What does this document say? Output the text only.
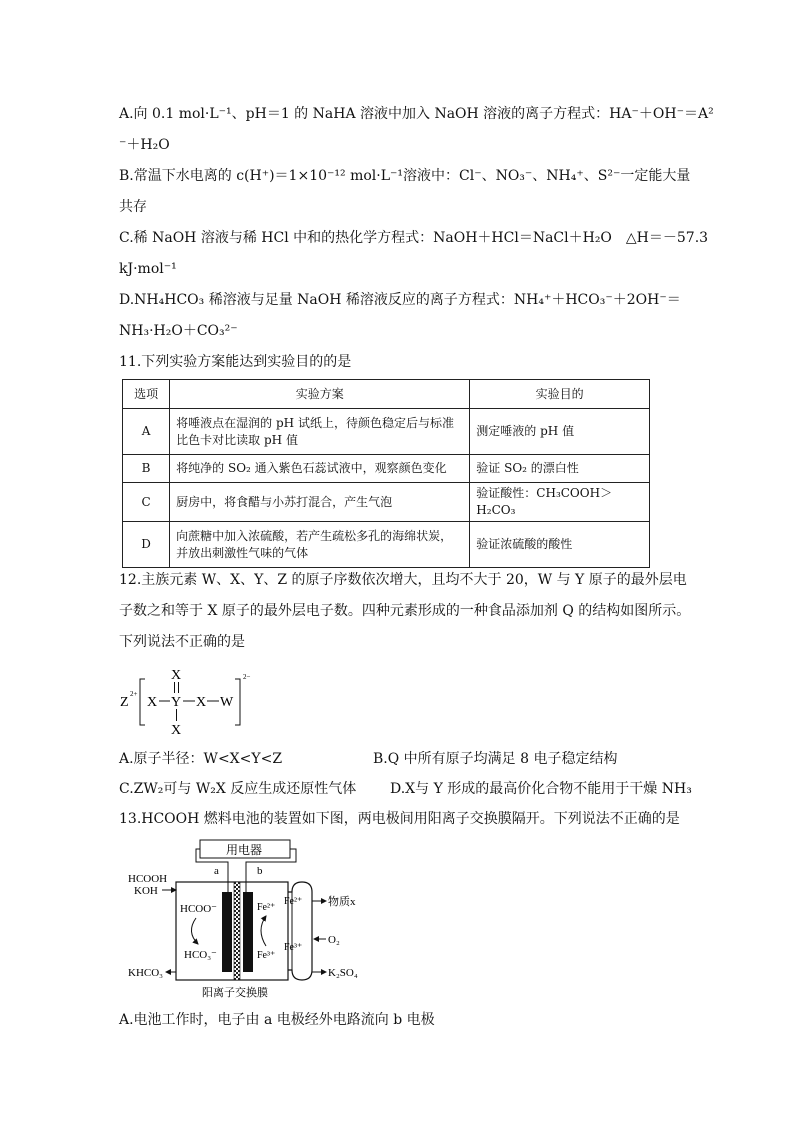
A.向 0.1 mol·L⁻¹、pH＝1 的 NaHA 溶液中加入 NaOH 溶液的离子方程式：HA⁻＋OH⁻＝A²
⁻＋H₂O
B.常温下水电离的 c(H⁺)＝1×10⁻¹² mol·L⁻¹溶液中：Cl⁻、NO₃⁻、NH₄⁺、S²⁻一定能大量
共存
C.稀 NaOH 溶液与稀 HCl 中和的热化学方程式：NaOH＋HCl＝NaCl＋H₂O　△H＝－57.3
kJ·mol⁻¹
D.NH₄HCO₃ 稀溶液与足量 NaOH 稀溶液反应的离子方程式：NH₄⁺＋HCO₃⁻＋2OH⁻＝
NH₃·H₂O＋CO₃²⁻
11.下列实验方案能达到实验目的的是
选项	实验方案	实验目的
A	将唾液点在湿润的 pH 试纸上，待颜色稳定后与标准比色卡对比读取 pH 值	测定唾液的 pH 值
B	将纯净的 SO₂ 通入紫色石蕊试液中，观察颜色变化	验证 SO₂ 的漂白性
C	厨房中，将食醋与小苏打混合，产生气泡	验证酸性：CH₃COOH＞H₂CO₃
D	向蔗糖中加入浓硫酸，若产生疏松多孔的海绵状炭，并放出刺激性气味的气体	验证浓硫酸的酸性
12.主族元素 W、X、Y、Z 的原子序数依次增大，且均不大于 20，W 与 Y 原子的最外层电
子数之和等于 X 原子的最外层电子数。四种元素形成的一种食品添加剂 Q 的结构如图所示。
下列说法不正确的是
Z
2+
2−
X
X Y X W
X
A.原子半径：W<X<Y<Z	B.Q 中所有原子均满足 8 电子稳定结构
C.ZW₂可与 W₂X 反应生成还原性气体 D.X与 Y 形成的最高价化合物不能用于干燥 NH₃
13.HCOOH 燃料电池的装置如下图，两电极间用阳离子交换膜隔开。下列说法不正确的是
用电器
a	b
HCOOH
KOH
HCOO⁻
HCO₃⁻
Fe²⁺
Fe³⁺
Fe²⁺
Fe³⁺
物质x
O₂
K₂SO₄
KHCO₃
阳离子交换膜
A.电池工作时，电子由 a 电极经外电路流向 b 电极
